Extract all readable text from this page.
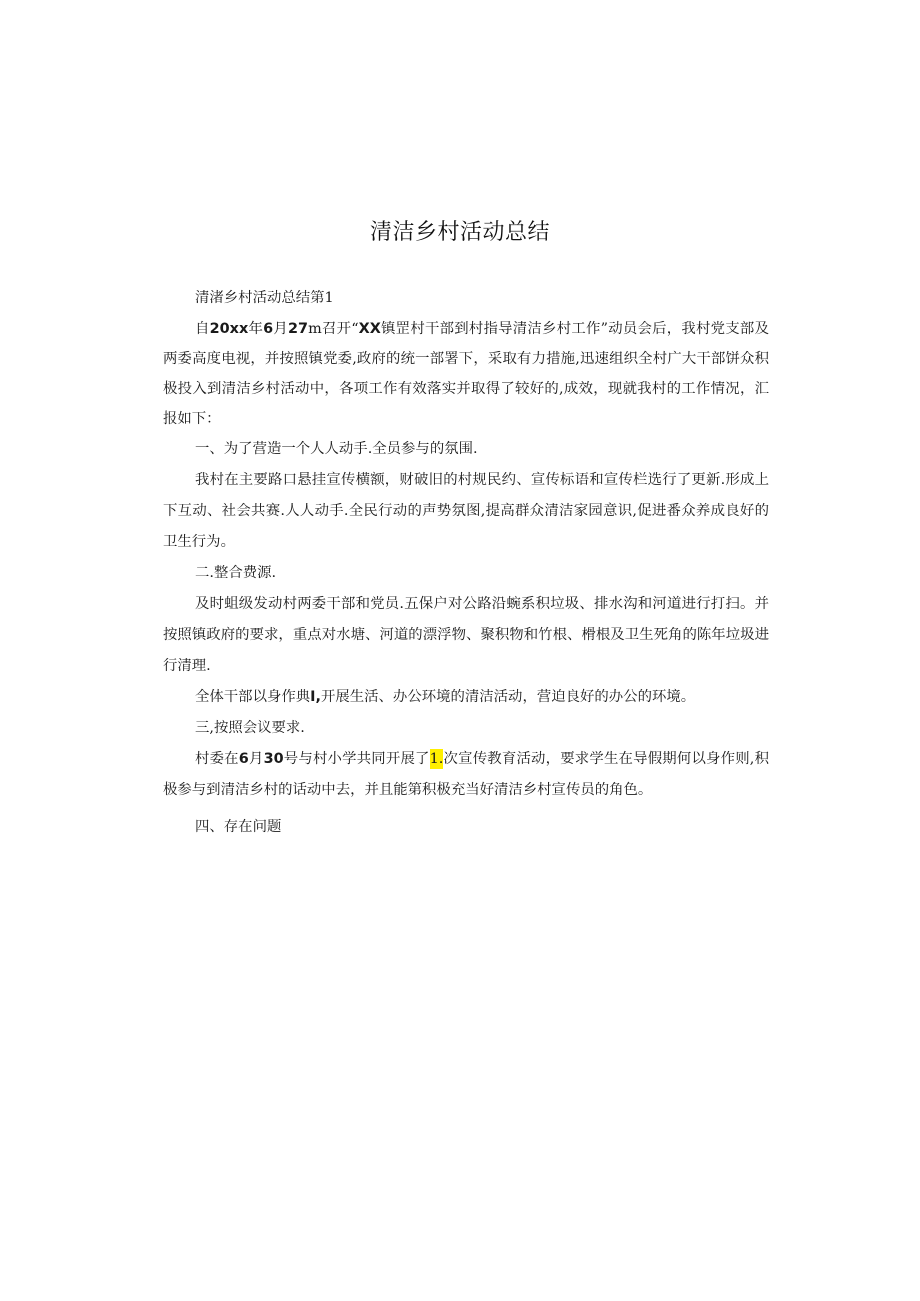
清洁乡村活动总结

清渚乡村活动总结第1

自20xx年6月27m召开“XX镇罡村干部到村指导清洁乡村工作”动员会后，我村党支部及两委高度电视，并按照镇党委,政府的统一部署下，采取有力措施,迅速组织全村广大干部饼众积极投入到清洁乡村活动中，各项工作有效落实并取得了较好的,成效，现就我村的工作情况，汇报如下：

一、为了营造一个人人动手.全员参与的氛围.

我村在主要路口悬挂宣传横额，财破旧的村规民约、宣传标语和宣传栏选行了更新.形成上下互动、社会共赛.人人动手.全民行动的声势氛图,提高群众清洁家园意识,促进番众养成良好的卫生行为。

二.整合费源.

及时蛆级发动村两委干部和党员.五保户对公路沿蜿系积垃圾、排水沟和河道进行打扫。并按照镇政府的要求，重点对水塘、河道的漂浮物、聚积物和竹根、榾根及卫生死角的陈年垃圾进行清理.

全体干部以身作典I,开展生活、办公环境的清洁活动，营迫良好的办公的环境。

三,按照会议要求.

村委在6月30号与村小学共同开展了1.次宣传教育活动，要求学生在导假期何以身作则,积极参与到清洁乡村的话动中去，并且能第积极充当好清洁乡村宣传员的角色。

四、存在问题
